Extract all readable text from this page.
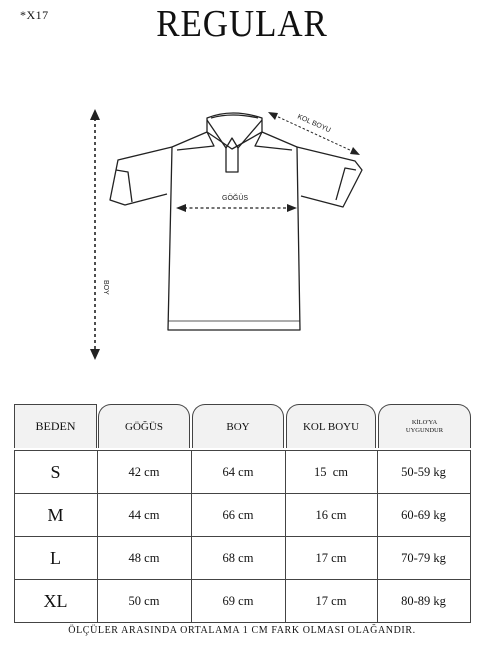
*X17	REGULAR
BOY
GÖĞÜS
KOL BOYU
BEDEN	GÖĞÜS	BOY	KOL BOYU	KİLO'YA
UYGUNDUR
S	42 cm	64 cm	15  cm	50-59 kg
M	44 cm	66 cm	16 cm	60-69 kg
L	48 cm	68 cm	17 cm	70-79 kg
XL	50 cm	69 cm	17 cm	80-89 kg
ÖLÇÜLER ARASINDA ORTALAMA 1 CM FARK OLMASI OLAĞANDIR.
